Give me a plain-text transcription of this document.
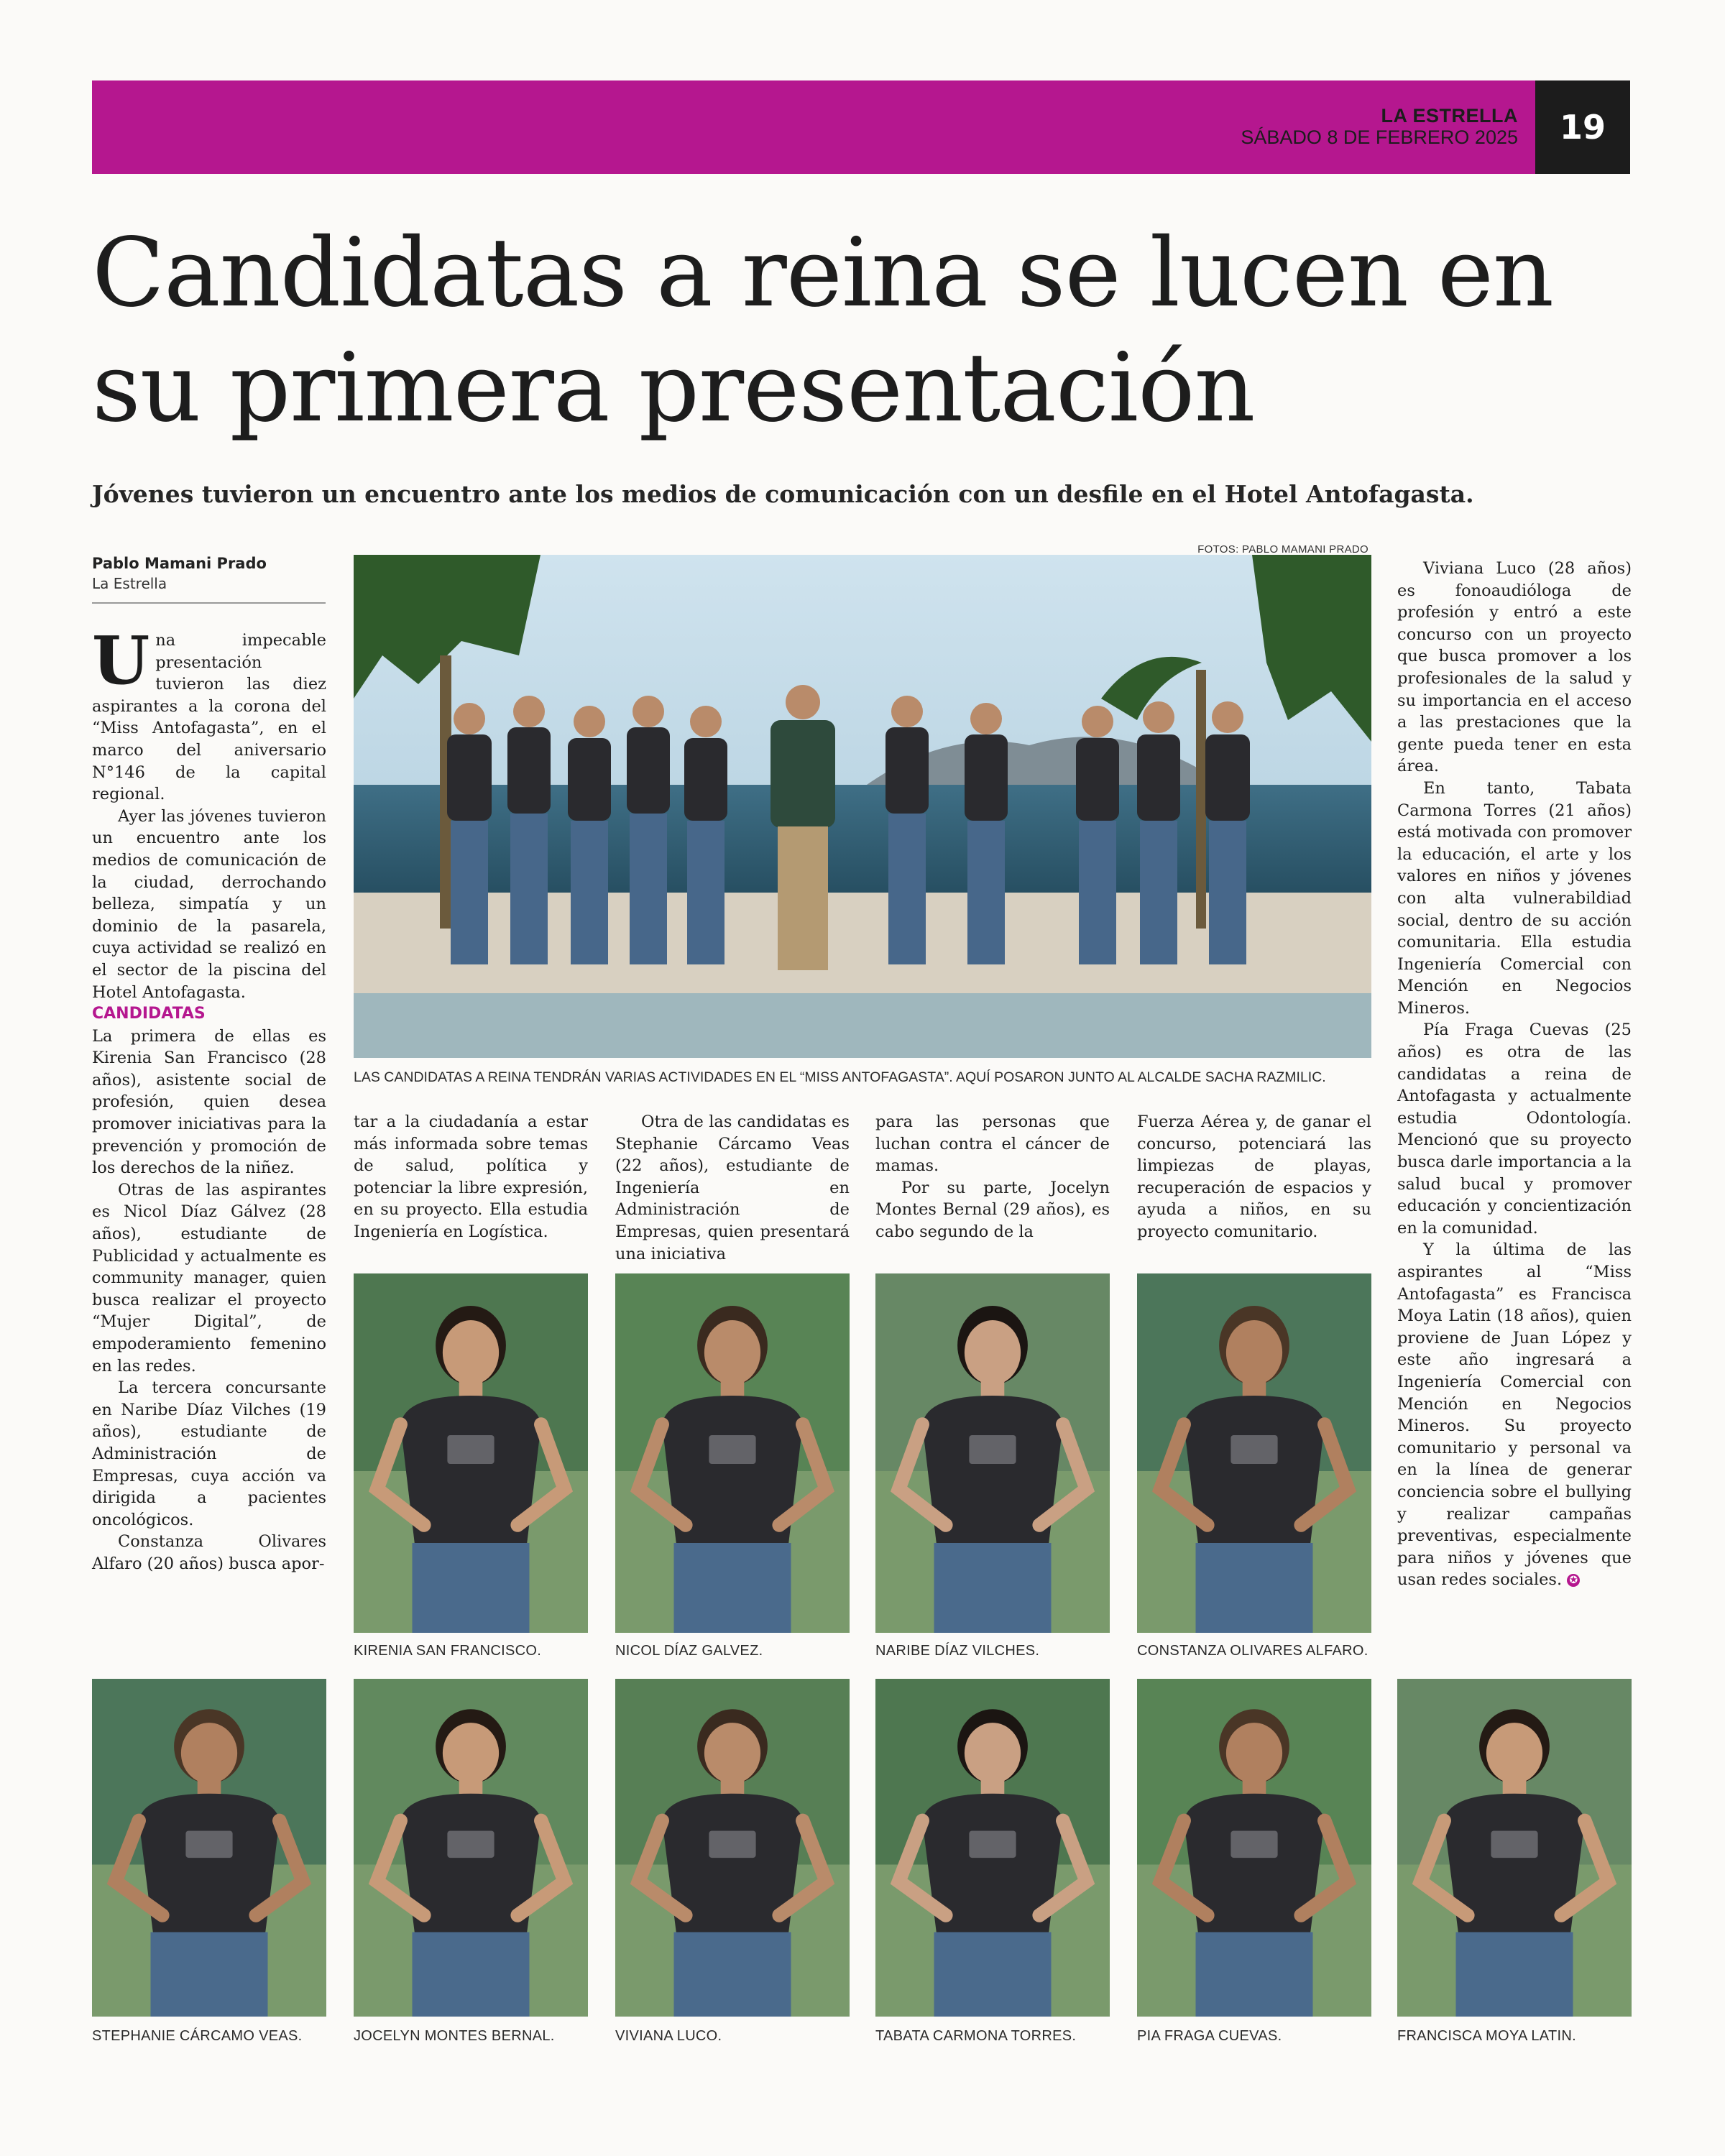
LA ESTRELLA
SÁBADO 8 DE FEBRERO 2025	19
Candidatas a reina se lucen en su primera presentación
Jóvenes tuvieron un encuentro ante los medios de comunicación con un desfile en el Hotel Antofagasta.
Pablo Mamani Prado
La Estrella

Una impecable presentación tuvieron las diez aspirantes a la corona del “Miss Antofagasta”, en el marco del aniversario N°146 de la capital regional.

Ayer las jóvenes tuvieron un encuentro ante los medios de comunicación de la ciudad, derrochando belleza, simpatía y un dominio de la pasarela, cuya actividad se realizó en el sector de la piscina del Hotel Antofagasta.

CANDIDATAS

La primera de ellas es Kirenia San Francisco (28 años), asistente social de profesión, quien desea promover iniciativas para la prevención y promoción de los derechos de la niñez.

Otras de las aspirantes es Nicol Díaz Gálvez (28 años), estudiante de Publicidad y actualmente es community manager, quien busca realizar el proyecto “Mujer Digital”, de empoderamiento femenino en las redes.

La tercera concursante en Naribe Díaz Vilches (19 años), estudiante de Administración de Empresas, cuya acción va dirigida a pacientes oncológicos.

Constanza Olivares Alfaro (20 años) busca apor-

FOTOS: PABLO MAMANI PRADO
LAS CANDIDATAS A REINA TENDRÁN VARIAS ACTIVIDADES EN EL “MISS ANTOFAGASTA”. AQUÍ POSARON JUNTO AL ALCALDE SACHA RAZMILIC.

tar a la ciudadanía a estar más informada sobre temas de salud, política y potenciar la libre expresión, en su proyecto. Ella estudia Ingeniería en Logística.

Otra de las candidatas es Stephanie Cárcamo Veas (22 años), estudiante de Ingeniería en Administración de Empresas, quien presentará una iniciativa

para las personas que luchan contra el cáncer de mamas.

Por su parte, Jocelyn Montes Bernal (29 años), es cabo segundo de la

Fuerza Aérea y, de ganar el concurso, potenciará las limpiezas de playas, recuperación de espacios y ayuda a niños, en su proyecto comunitario.

Viviana Luco (28 años) es fonoaudióloga de profesión y entró a este concurso con un proyecto que busca promover a los profesionales de la salud y su importancia en el acceso a las prestaciones que la gente pueda tener en esta área.

En tanto, Tabata Carmona Torres (21 años) está motivada con promover la educación, el arte y los valores en niños y jóvenes con alta vulnerabildiad social, dentro de su acción comunitaria. Ella estudia Ingeniería Comercial con Mención en Negocios Mineros.

Pía Fraga Cuevas (25 años) es otra de las candidatas a reina de Antofagasta y actualmente estudia Odontología. Mencionó que su proyecto busca darle importancia a la salud bucal y promover educación y concientización en la comunidad.

Y la última de las aspirantes al “Miss Antofagasta” es Francisca Moya Latin (18 años), quien proviene de Juan López y este año ingresará a Ingeniería Comercial con Mención en Negocios Mineros. Su proyecto comunitario y personal va en la línea de generar conciencia sobre el bullying y realizar campañas preventivas, especialmente para niños y jóvenes que usan redes sociales. ✪

KIRENIA SAN FRANCISCO.	NICOL DÍAZ GALVEZ.	NARIBE DÍAZ VILCHES.	CONSTANZA OLIVARES ALFARO.
STEPHANIE CÁRCAMO VEAS.	JOCELYN MONTES BERNAL.	VIVIANA LUCO.	TABATA CARMONA TORRES.	PIA FRAGA CUEVAS.	FRANCISCA MOYA LATIN.
